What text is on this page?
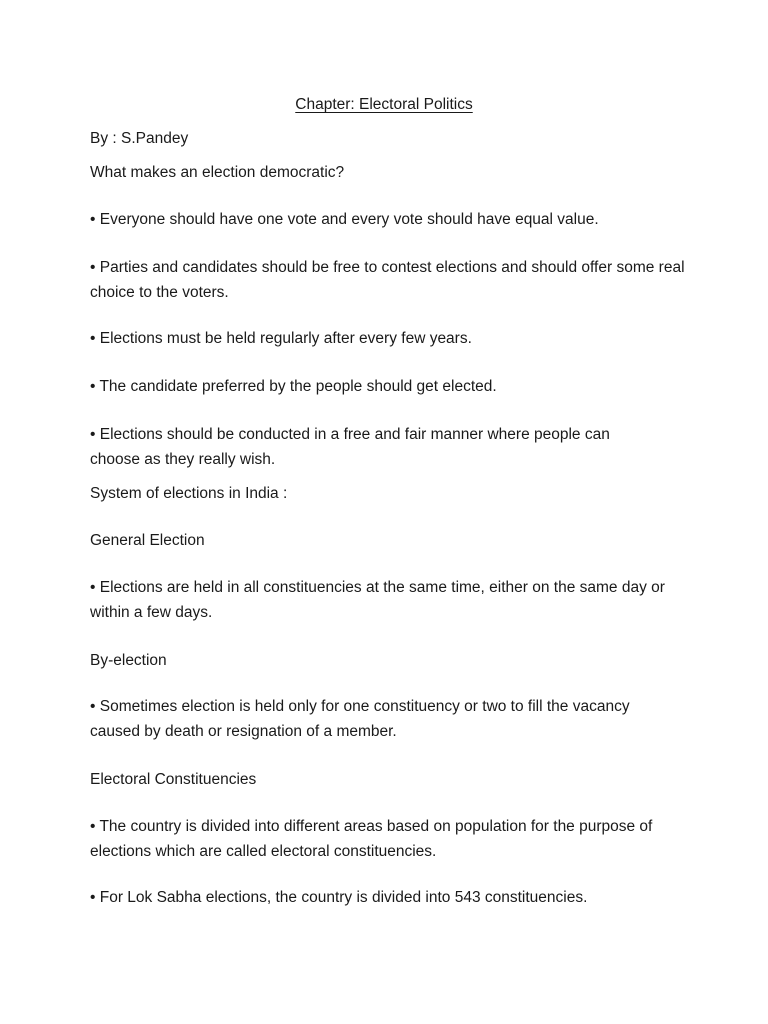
Chapter: Electoral Politics

By : S.Pandey

What makes an election democratic?

• Everyone should have one vote and every vote should have equal value.

• Parties and candidates should be free to contest elections and should offer some real choice to the voters.

• Elections must be held regularly after every few years.

• The candidate preferred by the people should get elected.

• Elections should be conducted in a free and fair manner where people can choose as they really wish.

System of elections in India :

General Election

• Elections are held in all constituencies at the same time, either on the same day or within a few days.

By-election

• Sometimes election is held only for one constituency or two to fill the vacancy caused by death or resignation of a member.

Electoral Constituencies

• The country is divided into different areas based on population for the purpose of elections which are called electoral constituencies.

• For Lok Sabha elections, the country is divided into 543 constituencies.
